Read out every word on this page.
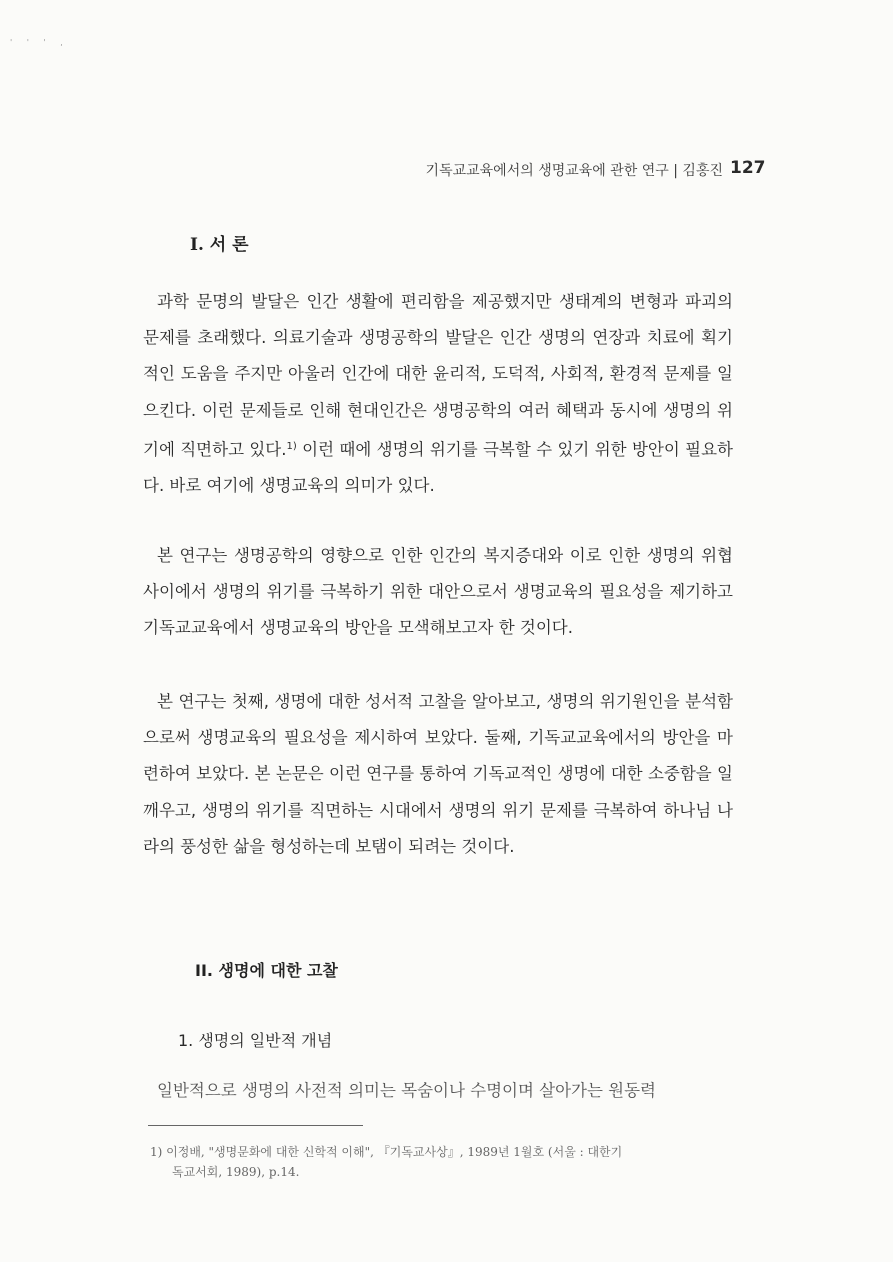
' ' ' ,
기독교교육에서의 생명교육에 관한 연구 | 김홍진 127
I. 서 론

과학 문명의 발달은 인간 생활에 편리함을 제공했지만 생태계의 변형과 파괴의 문제를 초래했다. 의료기술과 생명공학의 발달은 인간 생명의 연장과 치료에 획기적인 도움을 주지만 아울러 인간에 대한 윤리적, 도덕적, 사회적, 환경적 문제를 일으킨다. 이런 문제들로 인해 현대인간은 생명공학의 여러 혜택과 동시에 생명의 위기에 직면하고 있다.$^{1)}$ 이런 때에 생명의 위기를 극복할 수 있기 위한 방안이 필요하다. 바로 여기에 생명교육의 의미가 있다.

본 연구는 생명공학의 영향으로 인한 인간의 복지증대와 이로 인한 생명의 위협 사이에서 생명의 위기를 극복하기 위한 대안으로서 생명교육의 필요성을 제기하고 기독교교육에서 생명교육의 방안을 모색해보고자 한 것이다.

본 연구는 첫째, 생명에 대한 성서적 고찰을 알아보고, 생명의 위기원인을 분석함으로써 생명교육의 필요성을 제시하여 보았다. 둘째, 기독교교육에서의 방안을 마련하여 보았다. 본 논문은 이런 연구를 통하여 기독교적인 생명에 대한 소중함을 일깨우고, 생명의 위기를 직면하는 시대에서 생명의 위기 문제를 극복하여 하나님 나라의 풍성한 삶을 형성하는데 보탬이 되려는 것이다.

II. 생명에 대한 고찰
1. 생명의 일반적 개념

일반적으로 생명의 사전적 의미는 목숨이나 수명이며 살아가는 원동력

1) 이정배, "생명문화에 대한 신학적 이해", 『기독교사상』, 1989년 1월호 (서울 : 대한기
독교서회, 1989), p.14.
